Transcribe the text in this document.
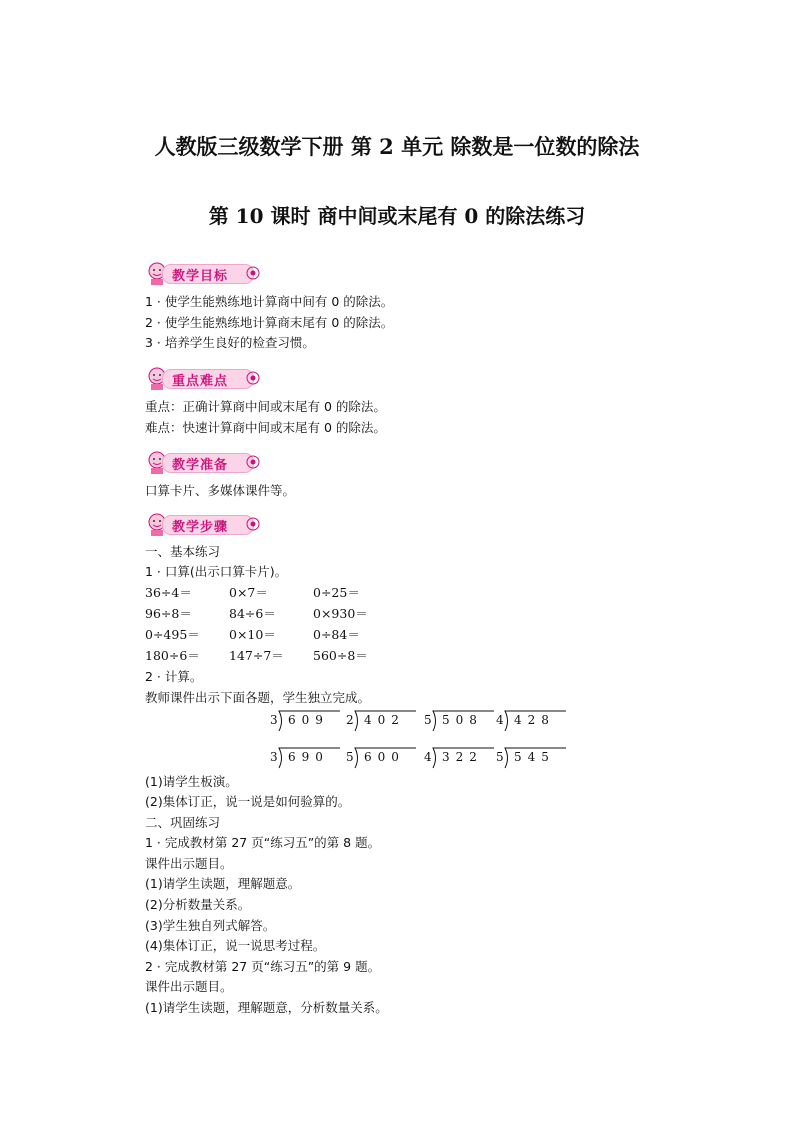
人教版三级数学下册 第 2 单元 除数是一位数的除法
第 10 课时 商中间或末尾有 0 的除法练习
教学目标
1 · 使学生能熟练地计算商中间有 0 的除法。
2 · 使学生能熟练地计算商末尾有 0 的除法。
3 · 培养学生良好的检查习惯。
重点难点
重点：正确计算商中间或末尾有 0 的除法。
难点：快速计算商中间或末尾有 0 的除法。
教学准备
口算卡片、多媒体课件等。
教学步骤
一、基本练习
1 · 口算(出示口算卡片)。
36÷4＝	0×7＝	0÷25＝
96÷8＝	84÷6＝	0×930＝
0÷495＝ 0×10＝	0÷84＝
180÷6＝ 147÷7＝ 560÷8＝
2 · 计算。
教师课件出示下面各题，学生独立完成。
3 609 2 402 5 508 4 428
3 690 5 600 4 322 5 545
(1)请学生板演。
(2)集体订正，说一说是如何验算的。
二、巩固练习
1 · 完成教材第 27 页“练习五”的第 8 题。
课件出示题目。
(1)请学生读题，理解题意。
(2)分析数量关系。
(3)学生独自列式解答。
(4)集体订正，说一说思考过程。
2 · 完成教材第 27 页“练习五”的第 9 题。
课件出示题目。
(1)请学生读题，理解题意，分析数量关系。
